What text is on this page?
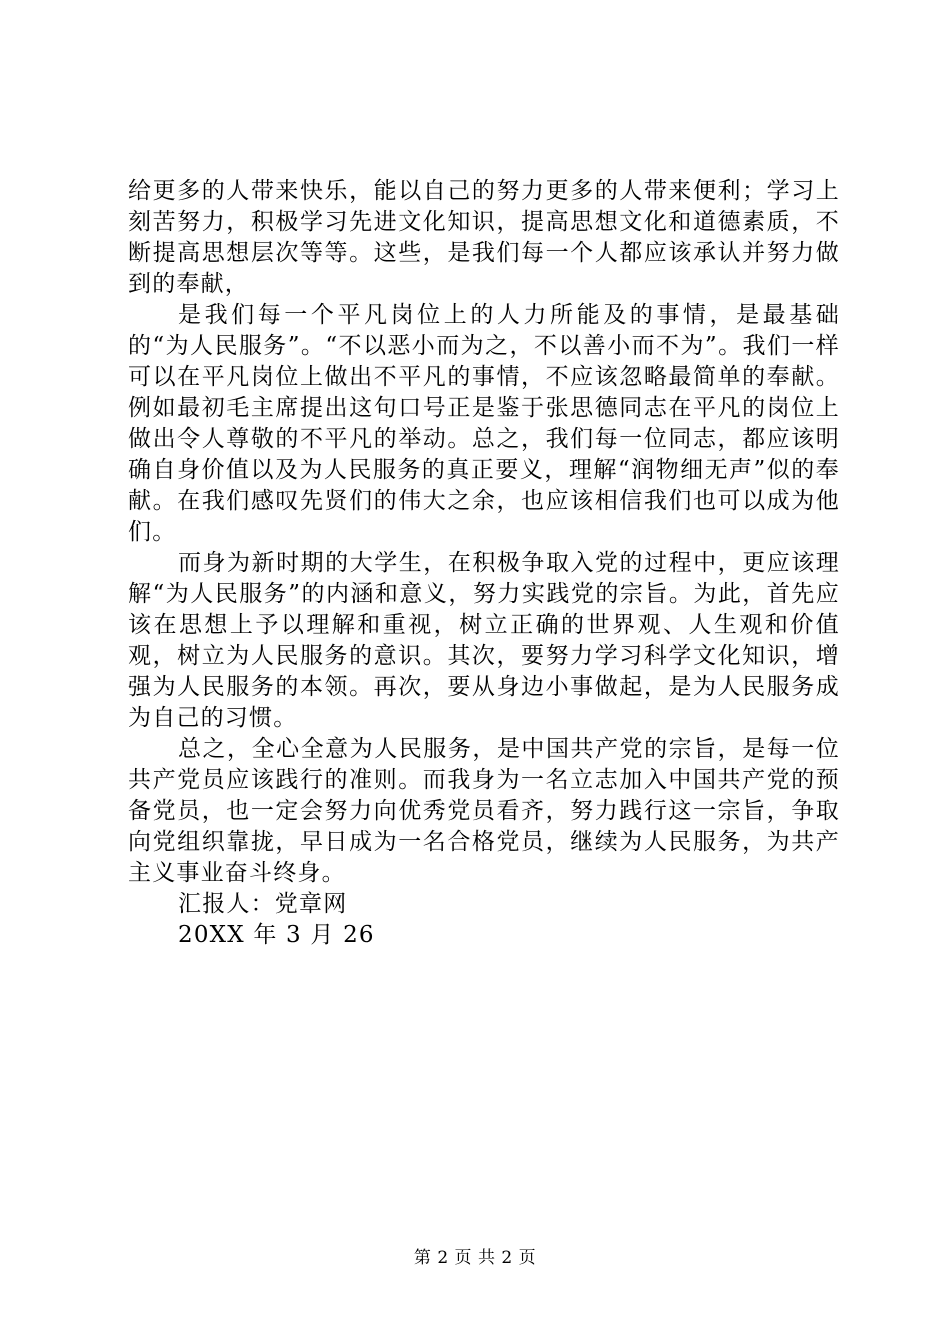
给更多的人带来快乐，能以自己的努力更多的人带来便利；学习上刻苦努力，积极学习先进文化知识，提高思想文化和道德素质，不断提高思想层次等等。这些，是我们每一个人都应该承认并努力做到的奉献，

是我们每一个平凡岗位上的人力所能及的事情，是最基础的“为人民服务”。“不以恶小而为之，不以善小而不为”。我们一样可以在平凡岗位上做出不平凡的事情，不应该忽略最简单的奉献。例如最初毛主席提出这句口号正是鉴于张思德同志在平凡的岗位上做出令人尊敬的不平凡的举动。总之，我们每一位同志，都应该明确自身价值以及为人民服务的真正要义，理解“润物细无声”似的奉献。在我们感叹先贤们的伟大之余，也应该相信我们也可以成为他们。

而身为新时期的大学生，在积极争取入党的过程中，更应该理解“为人民服务”的内涵和意义，努力实践党的宗旨。为此，首先应该在思想上予以理解和重视，树立正确的世界观、人生观和价值观，树立为人民服务的意识。其次，要努力学习科学文化知识，增强为人民服务的本领。再次，要从身边小事做起，是为人民服务成为自己的习惯。

总之，全心全意为人民服务，是中国共产党的宗旨，是每一位共产党员应该践行的准则。而我身为一名立志加入中国共产党的预备党员，也一定会努力向优秀党员看齐，努力践行这一宗旨，争取向党组织靠拢，早日成为一名合格党员，继续为人民服务，为共产主义事业奋斗终身。

汇报人：党章网

20XX 年 3 月 26

第 2 页 共 2 页
